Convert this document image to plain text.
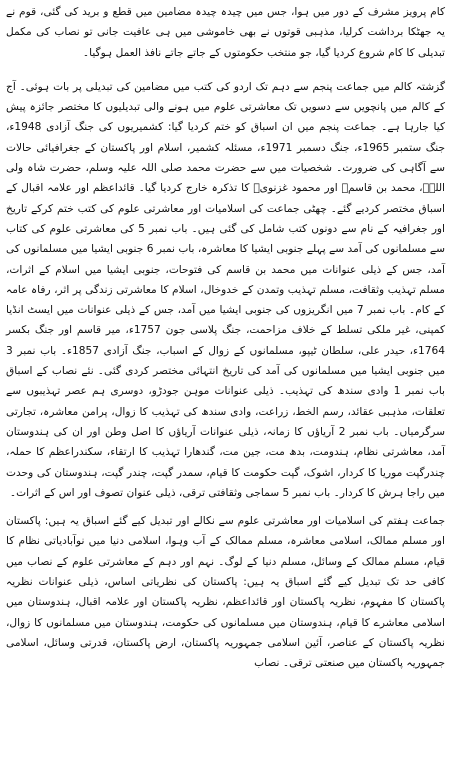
کام پرویز مشرف کے دور میں ہوا، جس میں چیدہ چیدہ مضامین میں قطع و برید کی گئی، قوم نے یہ جھٹکا برداشت کرلیا، مذہبی قوتوں نے بھی خاموشی میں ہی عافیت جانی تو نصاب کی مکمل تبدیلی کا کام شروع کردیا گیا، جو منتخب حکومتوں کے جاتے جاتے نافذ العمل ہوگیا۔

گزشتہ کالم میں جماعت پنجم سے دہم تک اردو کی کتب میں مضامین کی تبدیلی پر بات ہوئی۔ آج کے کالم میں پانچویں سے دسویں تک معاشرتی علوم میں ہونے والی تبدیلیوں کا مختصر جائزہ پیش کیا جارہا ہے۔ جماعت پنجم میں ان اسباق کو ختم کردیا گیا: کشمیریوں کی جنگ آزادی 1948ء، جنگ ستمبر 1965ء، جنگ دسمبر 1971ء، مسئلہ کشمیر، اسلام اور پاکستان کے جغرافیائی حالات سے آگاہی کی ضرورت۔ شخصیات میں سے حضرت محمد صلی اللہ علیہ وسلم، حضرت شاہ ولی اللہؒ، محمد بن قاسمؒ اور محمود غزنویؒ کا تذکرہ خارج کردیا گیا۔ قائداعظم اور علامہ اقبال کے اسباق مختصر کردیے گئے۔ چھٹی جماعت کی اسلامیات اور معاشرتی علوم کی کتب ختم کرکے تاریخ اور جغرافیہ کے نام سے دونوں کتب شامل کی گئی ہیں۔ باب نمبر 5 کی معاشرتی علوم کی کتاب سے مسلمانوں کی آمد سے پہلے جنوبی ایشیا کا معاشرہ، باب نمبر 6 جنوبی ایشیا میں مسلمانوں کی آمد، جس کے ذیلی عنوانات میں محمد بن قاسم کی فتوحات، جنوبی ایشیا میں اسلام کے اثرات، مسلم تہذیب وثقافت، مسلم تہذیب وتمدن کے خدوخال، اسلام کا معاشرتی زندگی پر اثر، رفاہ عامہ کے کام۔ باب نمبر 7 میں انگریزوں کی جنوبی ایشیا میں آمد، جس کے ذیلی عنوانات میں ایسٹ انڈیا کمپنی، غیر ملکی تسلط کے خلاف مزاحمت، جنگ پلاسی جون 1757ء، میر قاسم اور جنگ بکسر 1764ء، حیدر علی، سلطان ٹیپو، مسلمانوں کے زوال کے اسباب، جنگ آزادی 1857ء۔ باب نمبر 3 میں جنوبی ایشیا میں مسلمانوں کی آمد کی تاریخ انتہائی مختصر کردی گئی۔ نئے نصاب کے اسباق باب نمبر 1 وادی سندھ کی تہذیب۔ ذیلی عنوانات موہن جودڑو، دوسری ہم عصر تہذیبوں سے تعلقات، مذہبی عقائد، رسم الخط، زراعت، وادی سندھ کی تہذیب کا زوال، پرامن معاشرہ، تجارتی سرگرمیاں۔ باب نمبر 2 آریاؤں کا زمانہ، ذیلی عنوانات آریاؤں کا اصل وطن اور ان کی ہندوستان آمد، معاشرتی نظام، ہندومت، بدھ مت، جین مت، گندھارا تہذیب کا ارتقاء، سکندراعظم کا حملہ، چندرگپت موریا کا کردار، اشوک، گپت حکومت کا قیام، سمدر گپت، چندر گپت، ہندوستان کی وحدت میں راجا ہرش کا کردار۔ باب نمبر 5 سماجی وثقافتی ترقی، ذیلی عنوان تصوف اور اس کے اثرات۔

جماعت ہفتم کی اسلامیات اور معاشرتی علوم سے نکالے اور تبدیل کیے گئے اسباق یہ ہیں: پاکستان اور مسلم ممالک، اسلامی معاشرہ، مسلم ممالک کے آب وہوا، اسلامی دنیا میں نوآبادیاتی نظام کا قیام، مسلم ممالک کے وسائل، مسلم دنیا کے لوگ۔ نہم اور دہم کے معاشرتی علوم کے نصاب میں کافی حد تک تبدیل کیے گئے اسباق یہ ہیں: پاکستان کی نظریاتی اساس، ذیلی عنوانات نظریہ پاکستان کا مفہوم، نظریہ پاکستان اور قائداعظم، نظریہ پاکستان اور علامہ اقبال، ہندوستان میں اسلامی معاشرے کا قیام، ہندوستان میں مسلمانوں کی حکومت، ہندوستان میں مسلمانوں کا زوال، نظریہ پاکستان کے عناصر، آئین اسلامی جمہوریہ پاکستان، ارض پاکستان، قدرتی وسائل، اسلامی جمہوریہ پاکستان میں صنعتی ترقی۔ نصاب
